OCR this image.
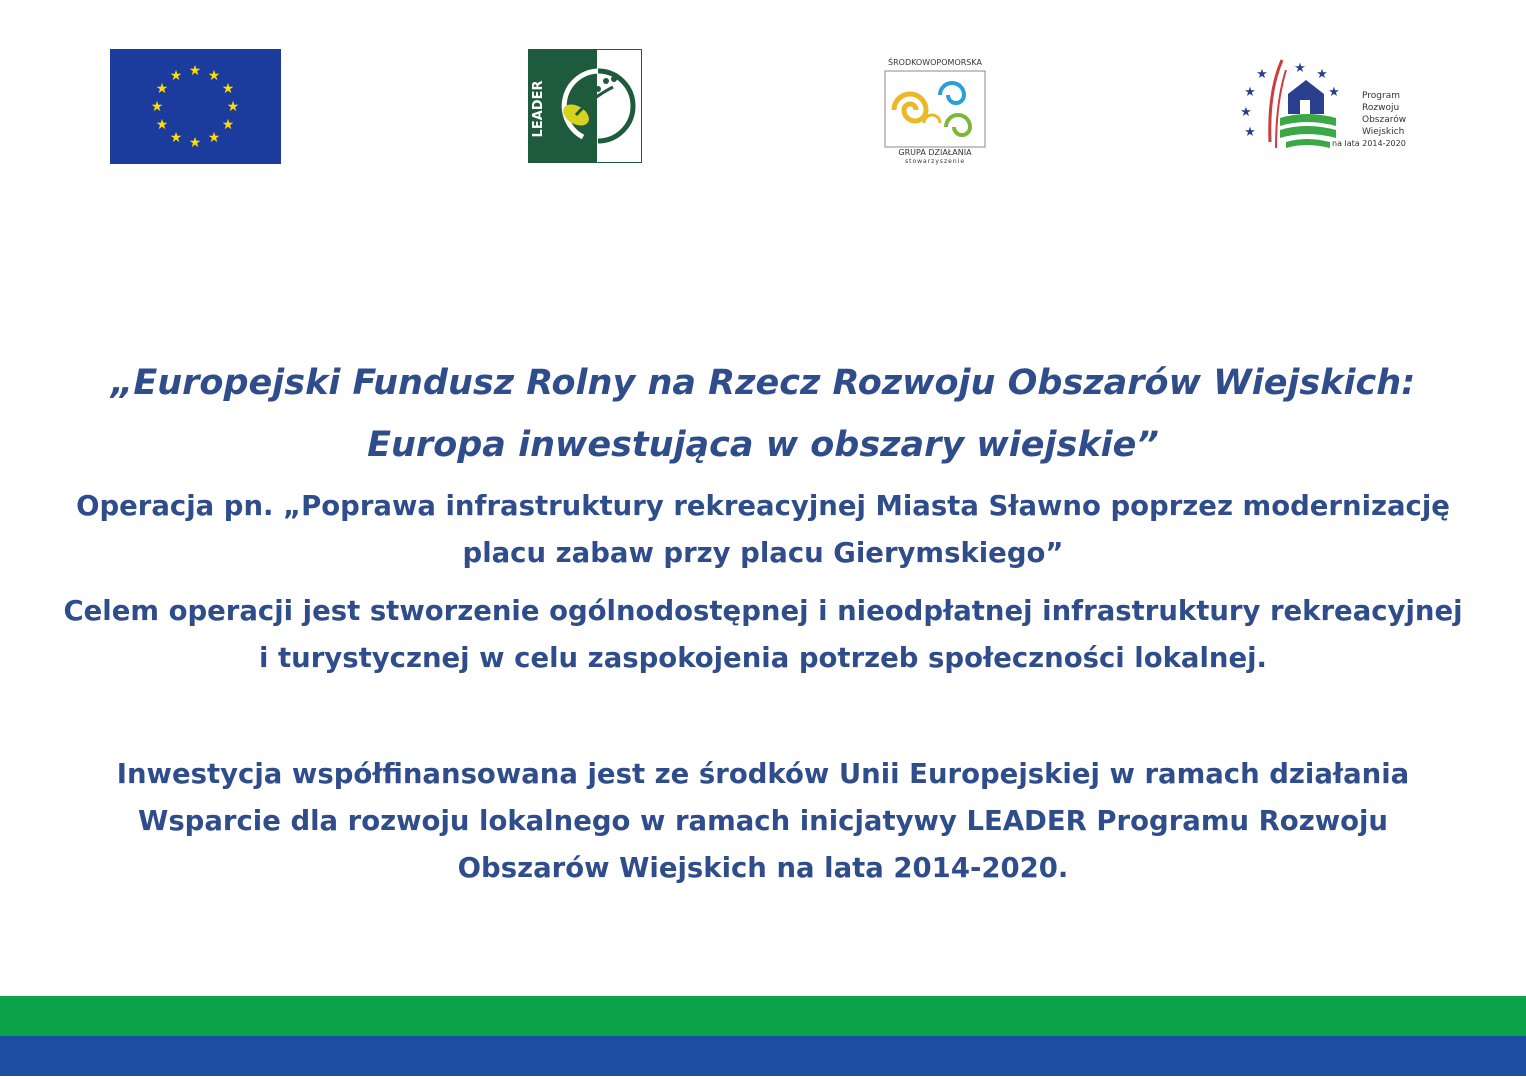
★ ★
★
★
★
★
★
★
★
★
★
★
LEADER
ŚRODKOWOPOMORSKA
GRUPA DZIAŁANIA
stowarzyszenie
★
★
★
★
★ ★
★ Program
Rozwoju
Obszarów
Wiejskich
na lata 2014-2020
„Europejski Fundusz Rolny na Rzecz Rozwoju Obszarów Wiejskich:
Europa inwestująca w obszary wiejskie”
Operacja pn. „Poprawa infrastruktury rekreacyjnej Miasta Sławno poprzez modernizację
placu zabaw przy placu Gierymskiego”
Celem operacji jest stworzenie ogólnodostępnej i nieodpłatnej infrastruktury rekreacyjnej
i turystycznej w celu zaspokojenia potrzeb społeczności lokalnej.
Inwestycja współfinansowana jest ze środków Unii Europejskiej w ramach działania
Wsparcie dla rozwoju lokalnego w ramach inicjatywy LEADER Programu Rozwoju
Obszarów Wiejskich na lata 2014-2020.
